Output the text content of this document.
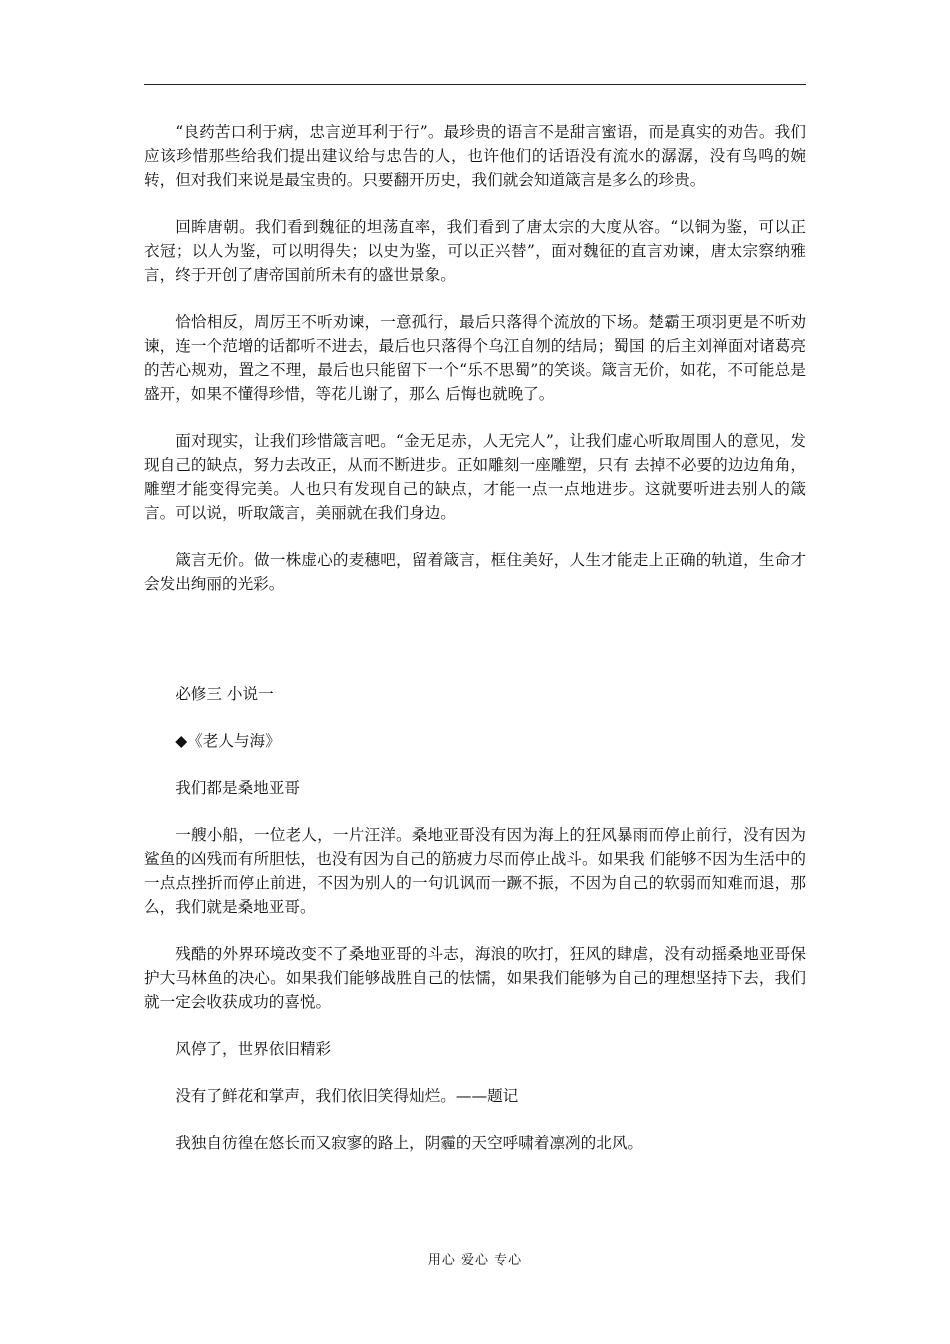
“良药苦口利于病，忠言逆耳利于行”。最珍贵的语言不是甜言蜜语，而是真实的劝告。我们应该珍惜那些给我们提出建议给与忠告的人，也许他们的话语没有流水的潺潺，没有鸟鸣的婉转，但对我们来说是最宝贵的。只要翻开历史，我们就会知道箴言是多么的珍贵。

回眸唐朝。我们看到魏征的坦荡直率，我们看到了唐太宗的大度从容。“以铜为鉴，可以正衣冠；以人为鉴，可以明得失；以史为鉴，可以正兴替”，面对魏征的直言劝谏，唐太宗察纳雅言，终于开创了唐帝国前所未有的盛世景象。

恰恰相反，周厉王不听劝谏，一意孤行，最后只落得个流放的下场。楚霸王项羽更是不听劝谏，连一个范增的话都听不进去，最后也只落得个乌江自刎的结局；蜀国 的后主刘禅面对诸葛亮的苦心规劝，置之不理，最后也只能留下一个“乐不思蜀”的笑谈。箴言无价，如花，不可能总是盛开，如果不懂得珍惜，等花儿谢了，那么 后悔也就晚了。

面对现实，让我们珍惜箴言吧。“金无足赤，人无完人”，让我们虚心听取周围人的意见，发现自己的缺点，努力去改正，从而不断进步。正如雕刻一座雕塑，只有 去掉不必要的边边角角，雕塑才能变得完美。人也只有发现自己的缺点，才能一点一点地进步。这就要听进去别人的箴言。可以说，听取箴言，美丽就在我们身边。

箴言无价。做一株虚心的麦穗吧，留着箴言，框住美好，人生才能走上正确的轨道，生命才会发出绚丽的光彩。

必修三 小说一

◆《老人与海》

我们都是桑地亚哥

一艘小船，一位老人，一片汪洋。桑地亚哥没有因为海上的狂风暴雨而停止前行，没有因为鲨鱼的凶残而有所胆怯，也没有因为自己的筋疲力尽而停止战斗。如果我 们能够不因为生活中的一点点挫折而停止前进，不因为别人的一句讥讽而一蹶不振，不因为自己的软弱而知难而退，那么，我们就是桑地亚哥。

残酷的外界环境改变不了桑地亚哥的斗志，海浪的吹打，狂风的肆虐，没有动摇桑地亚哥保护大马林鱼的决心。如果我们能够战胜自己的怯懦，如果我们能够为自己的理想坚持下去，我们就一定会收获成功的喜悦。

风停了，世界依旧精彩

没有了鲜花和掌声，我们依旧笑得灿烂。——题记

我独自彷徨在悠长而又寂寥的路上，阴霾的天空呼啸着凛冽的北风。

用心 爱心 专心
